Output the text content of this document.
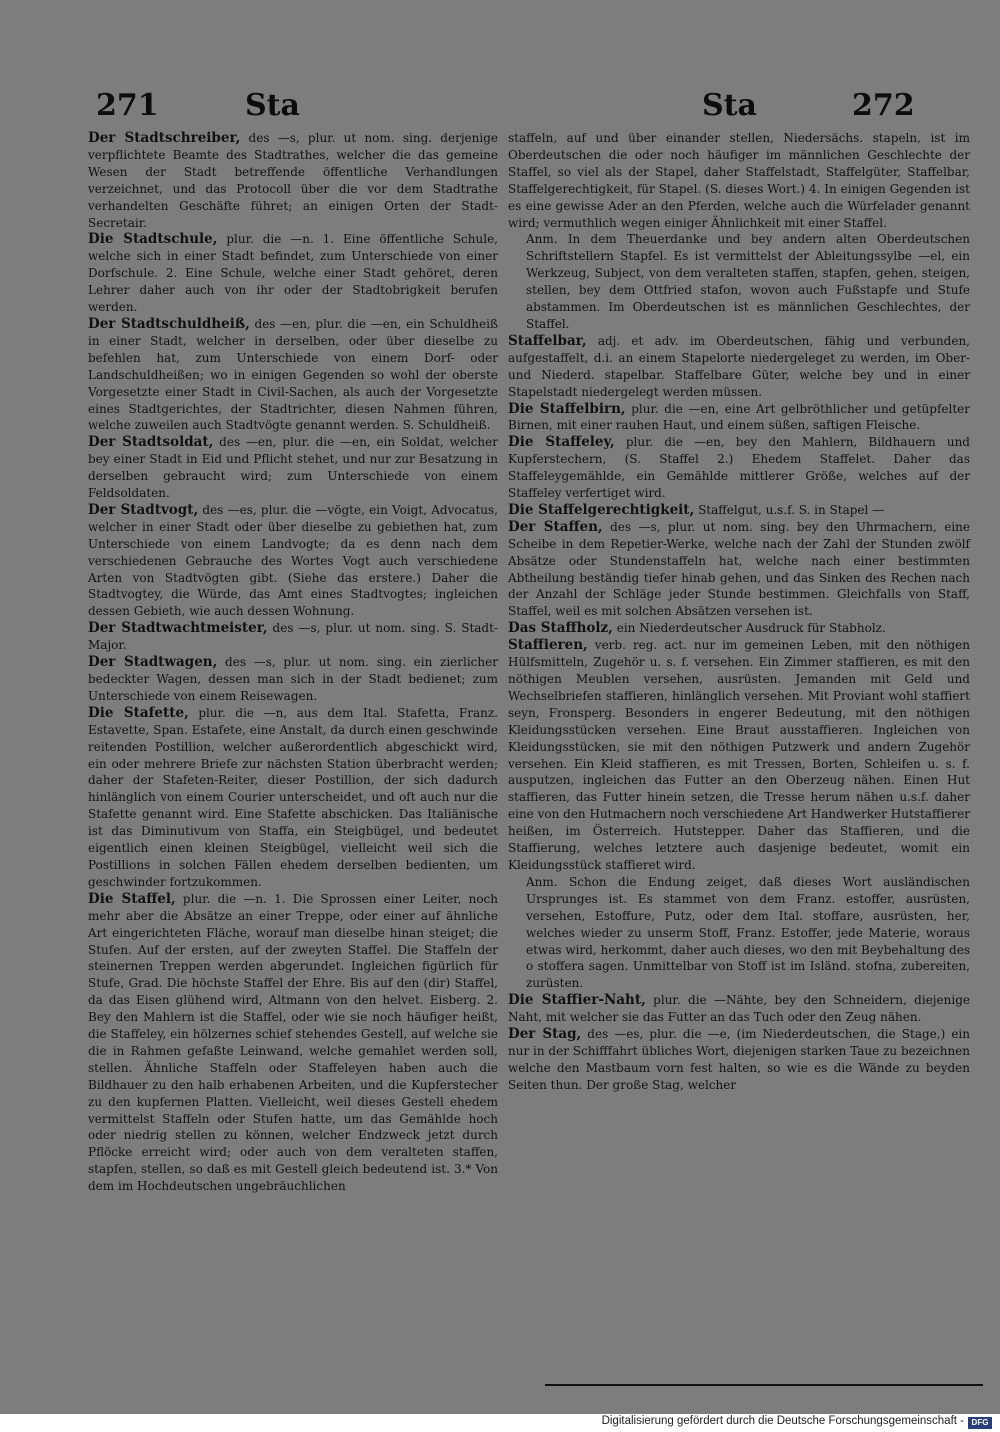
271	Sta	Sta	272
Der Stadtschreiber, des —s, plur. ut nom. sing. derjenige verpflichtete Beamte des Stadtrathes, welcher die das gemeine Wesen der Stadt betreffende öffentliche Verhandlungen verzeichnet, und das Protocoll über die vor dem Stadtrathe verhandelten Geschäfte führet; an einigen Orten der Stadt-Secretair.
Die Stadtschule, plur. die —n. 1. Eine öffentliche Schule, welche sich in einer Stadt befindet, zum Unterschiede von einer Dorfschule. 2. Eine Schule, welche einer Stadt gehöret, deren Lehrer daher auch von ihr oder der Stadtobrigkeit berufen werden.
Der Stadtschuldheiß, des —en, plur. die —en, ein Schuldheiß in einer Stadt, welcher in derselben, oder über dieselbe zu befehlen hat, zum Unterschiede von einem Dorf- oder Landschuldheißen; wo in einigen Gegenden so wohl der oberste Vorgesetzte einer Stadt in Civil-Sachen, als auch der Vorgesetzte eines Stadtgerichtes, der Stadtrichter, diesen Nahmen führen, welche zuweilen auch Stadtvögte genannt werden. S. Schuldheiß.
Der Stadtsoldat, des —en, plur. die —en, ein Soldat, welcher bey einer Stadt in Eid und Pflicht stehet, und nur zur Besatzung in derselben gebraucht wird; zum Unterschiede von einem Feldsoldaten.
Der Stadtvogt, des —es, plur. die —vögte, ein Voigt, Advocatus, welcher in einer Stadt oder über dieselbe zu gebiethen hat, zum Unterschiede von einem Landvogte; da es denn nach dem verschiedenen Gebrauche des Wortes Vogt auch verschiedene Arten von Stadtvögten gibt. (Siehe das erstere.) Daher die Stadtvogtey, die Würde, das Amt eines Stadtvogtes; ingleichen dessen Gebieth, wie auch dessen Wohnung.
Der Stadtwachtmeister, des —s, plur. ut nom. sing. S. Stadt-Major.
Der Stadtwagen, des —s, plur. ut nom. sing. ein zierlicher bedeckter Wagen, dessen man sich in der Stadt bedienet; zum Unterschiede von einem Reisewagen.
Die Stafette, plur. die —n, aus dem Ital. Stafetta, Franz. Estavette, Span. Estafete, eine Anstalt, da durch einen geschwinde reitenden Postillion, welcher außerordentlich abgeschickt wird, ein oder mehrere Briefe zur nächsten Station überbracht werden; daher der Stafeten-Reiter, dieser Postillion, der sich dadurch hinlänglich von einem Courier unterscheidet, und oft auch nur die Stafette genannt wird. Eine Stafette abschicken. Das Italiänische ist das Diminutivum von Staffa, ein Steigbügel, und bedeutet eigentlich einen kleinen Steigbügel, vielleicht weil sich die Postillions in solchen Fällen ehedem derselben bedienten, um geschwinder fortzukommen.
Die Staffel, plur. die —n. 1. Die Sprossen einer Leiter, noch mehr aber die Absätze an einer Treppe, oder einer auf ähnliche Art eingerichteten Fläche, worauf man dieselbe hinan steiget; die Stufen. Auf der ersten, auf der zweyten Staffel. Die Staffeln der steinernen Treppen werden abgerundet. Ingleichen figürlich für Stufe, Grad. Die höchste Staffel der Ehre. Bis auf den (dir) Staffel, da das Eisen glühend wird, Altmann von den helvet. Eisberg. 2. Bey den Mahlern ist die Staffel, oder wie sie noch häufiger heißt, die Staffeley, ein hölzernes schief stehendes Gestell, auf welche sie die in Rahmen gefaßte Leinwand, welche gemahlet werden soll, stellen. Ähnliche Staffeln oder Staffeleyen haben auch die Bildhauer zu den halb erhabenen Arbeiten, und die Kupferstecher zu den kupfernen Platten. Vielleicht, weil dieses Gestell ehedem vermittelst Staffeln oder Stufen hatte, um das Gemählde hoch oder niedrig stellen zu können, welcher Endzweck jetzt durch Pflöcke erreicht wird; oder auch von dem veralteten staffen, stapfen, stellen, so daß es mit Gestell gleich bedeutend ist. 3.* Von dem im Hochdeutschen ungebräuchlichen
staffeln, auf und über einander stellen, Niedersächs. stapeln, ist im Oberdeutschen die oder noch häufiger im männlichen Geschlechte der Staffel, so viel als der Stapel, daher Staffelstadt, Staffelgüter, Staffelbar, Staffelgerechtigkeit, für Stapel. (S. dieses Wort.) 4. In einigen Gegenden ist es eine gewisse Ader an den Pferden, welche auch die Würfelader genannt wird; vermuthlich wegen einiger Ähnlichkeit mit einer Staffel.
Anm. In dem Theuerdanke und bey andern alten Oberdeutschen Schriftstellern Stapfel. Es ist vermittelst der Ableitungssylbe —el, ein Werkzeug, Subject, von dem veralteten staffen, stapfen, gehen, steigen, stellen, bey dem Ottfried stafon, wovon auch Fußstapfe und Stufe abstammen. Im Oberdeutschen ist es männlichen Geschlechtes, der Staffel.
Staffelbar, adj. et adv. im Oberdeutschen, fähig und verbunden, aufgestaffelt, d.i. an einem Stapelorte niedergeleget zu werden, im Ober- und Niederd. stapelbar. Staffelbare Güter, welche bey und in einer Stapelstadt niedergelegt werden müssen.
Die Staffelbirn, plur. die —en, eine Art gelbröthlicher und getüpfelter Birnen, mit einer rauhen Haut, und einem süßen, saftigen Fleische.
Die Staffeley, plur. die —en, bey den Mahlern, Bildhauern und Kupferstechern, (S. Staffel 2.) Ehedem Staffelet. Daher das Staffeleygemählde, ein Gemählde mittlerer Größe, welches auf der Staffeley verfertiget wird.
Die Staffelgerechtigkeit, Staffelgut, u.s.f. S. in Stapel —
Der Staffen, des —s, plur. ut nom. sing. bey den Uhrmachern, eine Scheibe in dem Repetier-Werke, welche nach der Zahl der Stunden zwölf Absätze oder Stundenstaffeln hat, welche nach einer bestimmten Abtheilung beständig tiefer hinab gehen, und das Sinken des Rechen nach der Anzahl der Schläge jeder Stunde bestimmen. Gleichfalls von Staff, Staffel, weil es mit solchen Absätzen versehen ist.
Das Staffholz, ein Niederdeutscher Ausdruck für Stabholz.
Staffieren, verb. reg. act. nur im gemeinen Leben, mit den nöthigen Hülfsmitteln, Zugehör u. s. f. versehen. Ein Zimmer staffieren, es mit den nöthigen Meublen versehen, ausrüsten. Jemanden mit Geld und Wechselbriefen staffieren, hinlänglich versehen. Mit Proviant wohl staffiert seyn, Fronsperg. Besonders in engerer Bedeutung, mit den nöthigen Kleidungsstücken versehen. Eine Braut ausstaffieren. Ingleichen von Kleidungsstücken, sie mit den nöthigen Putzwerk und andern Zugehör versehen. Ein Kleid staffieren, es mit Tressen, Borten, Schleifen u. s. f. ausputzen, ingleichen das Futter an den Oberzeug nähen. Einen Hut staffieren, das Futter hinein setzen, die Tresse herum nähen u.s.f. daher eine von den Hutmachern noch verschiedene Art Handwerker Hutstaffierer heißen, im Österreich. Hutstepper. Daher das Staffieren, und die Staffierung, welches letztere auch dasjenige bedeutet, womit ein Kleidungsstück staffieret wird.
Anm. Schon die Endung zeiget, daß dieses Wort ausländischen Ursprunges ist. Es stammet von dem Franz. estoffer, ausrüsten, versehen, Estoffure, Putz, oder dem Ital. stoffare, ausrüsten, her, welches wieder zu unserm Stoff, Franz. Estoffer, jede Materie, woraus etwas wird, herkommt, daher auch dieses, wo den mit Beybehaltung des o stoffera sagen. Unmittelbar von Stoff ist im Isländ. stofna, zubereiten, zurüsten.
Die Staffier-Naht, plur. die —Nähte, bey den Schneidern, diejenige Naht, mit welcher sie das Futter an das Tuch oder den Zeug nähen.
Der Stag, des —es, plur. die —e, (im Niederdeutschen, die Stage,) ein nur in der Schifffahrt übliches Wort, diejenigen starken Taue zu bezeichnen welche den Mastbaum vorn fest halten, so wie es die Wände zu beyden Seiten thun. Der große Stag, welcher
Digitalisierung gefördert durch die Deutsche Forschungsgemeinschaft - DFG
